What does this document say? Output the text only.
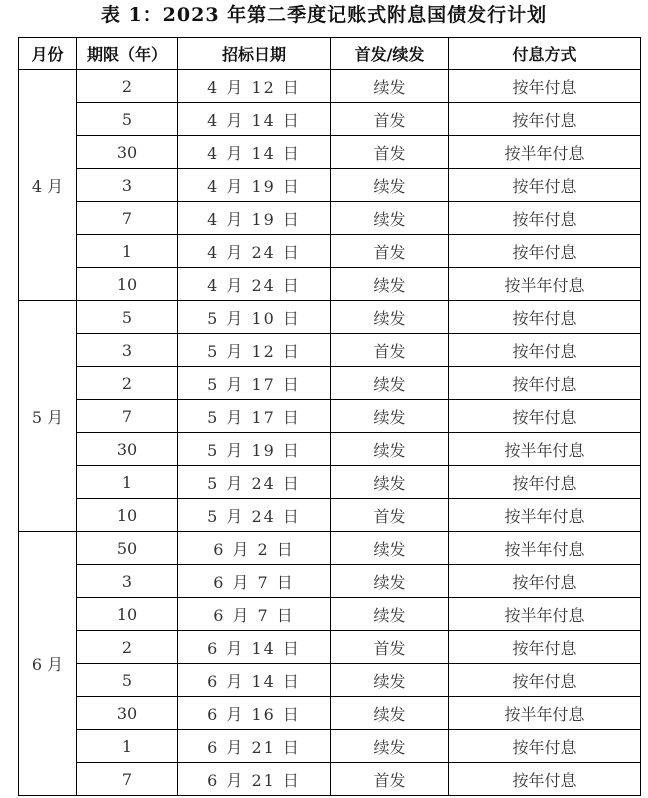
表 1：2023 年第二季度记账式附息国债发行计划
月份	期限（年）	招标日期	首发/续发	付息方式
4 月	2	4 月 12 日	续发	按年付息
	5	4 月 14 日	首发	按年付息
	30	4 月 14 日	首发	按半年付息
	3	4 月 19 日	续发	按年付息
	7	4 月 19 日	续发	按年付息
	1	4 月 24 日	首发	按年付息
	10	4 月 24 日	续发	按半年付息
5 月	5	5 月 10 日	续发	按年付息
	3	5 月 12 日	首发	按年付息
	2	5 月 17 日	续发	按年付息
	7	5 月 17 日	续发	按年付息
	30	5 月 19 日	续发	按半年付息
	1	5 月 24 日	续发	按年付息
	10	5 月 24 日	首发	按半年付息
6 月	50	6 月 2 日	续发	按半年付息
	3	6 月 7 日	续发	按年付息
	10	6 月 7 日	续发	按半年付息
	2	6 月 14 日	首发	按年付息
	5	6 月 14 日	续发	按年付息
	30	6 月 16 日	续发	按半年付息
	1	6 月 21 日	续发	按年付息
	7	6 月 21 日	首发	按年付息
